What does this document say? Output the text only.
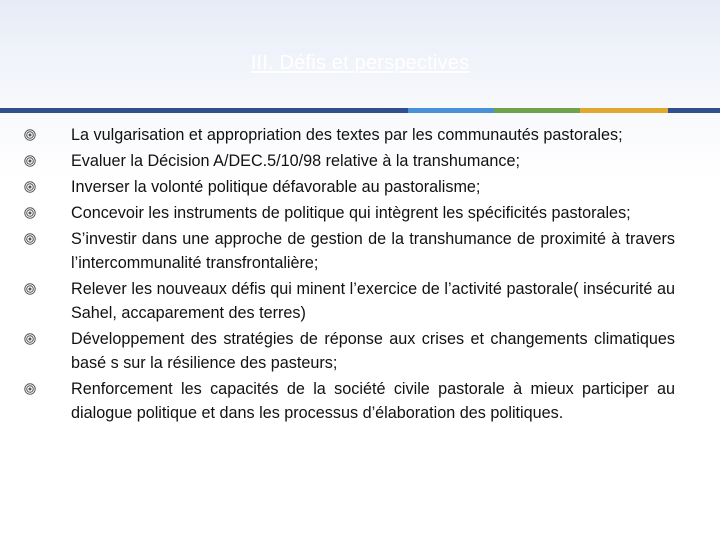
III. Défis et perspectives
La vulgarisation et appropriation des textes par les communautés pastorales;
Evaluer la Décision A/DEC.5/10/98 relative à la transhumance;
Inverser la volonté politique défavorable au pastoralisme;
Concevoir les instruments de politique qui intègrent les spécificités pastorales;
S’investir dans une approche de gestion de la transhumance de proximité à travers l’intercommunalité transfrontalière;
Relever les nouveaux défis qui minent l’exercice de l’activité pastorale( insécurité au Sahel, accaparement des terres)
Développement des stratégies de réponse aux crises et changements climatiques basé s sur la résilience des pasteurs;
Renforcement les capacités de la société civile pastorale à mieux participer au dialogue politique et dans les processus d’élaboration des politiques.
